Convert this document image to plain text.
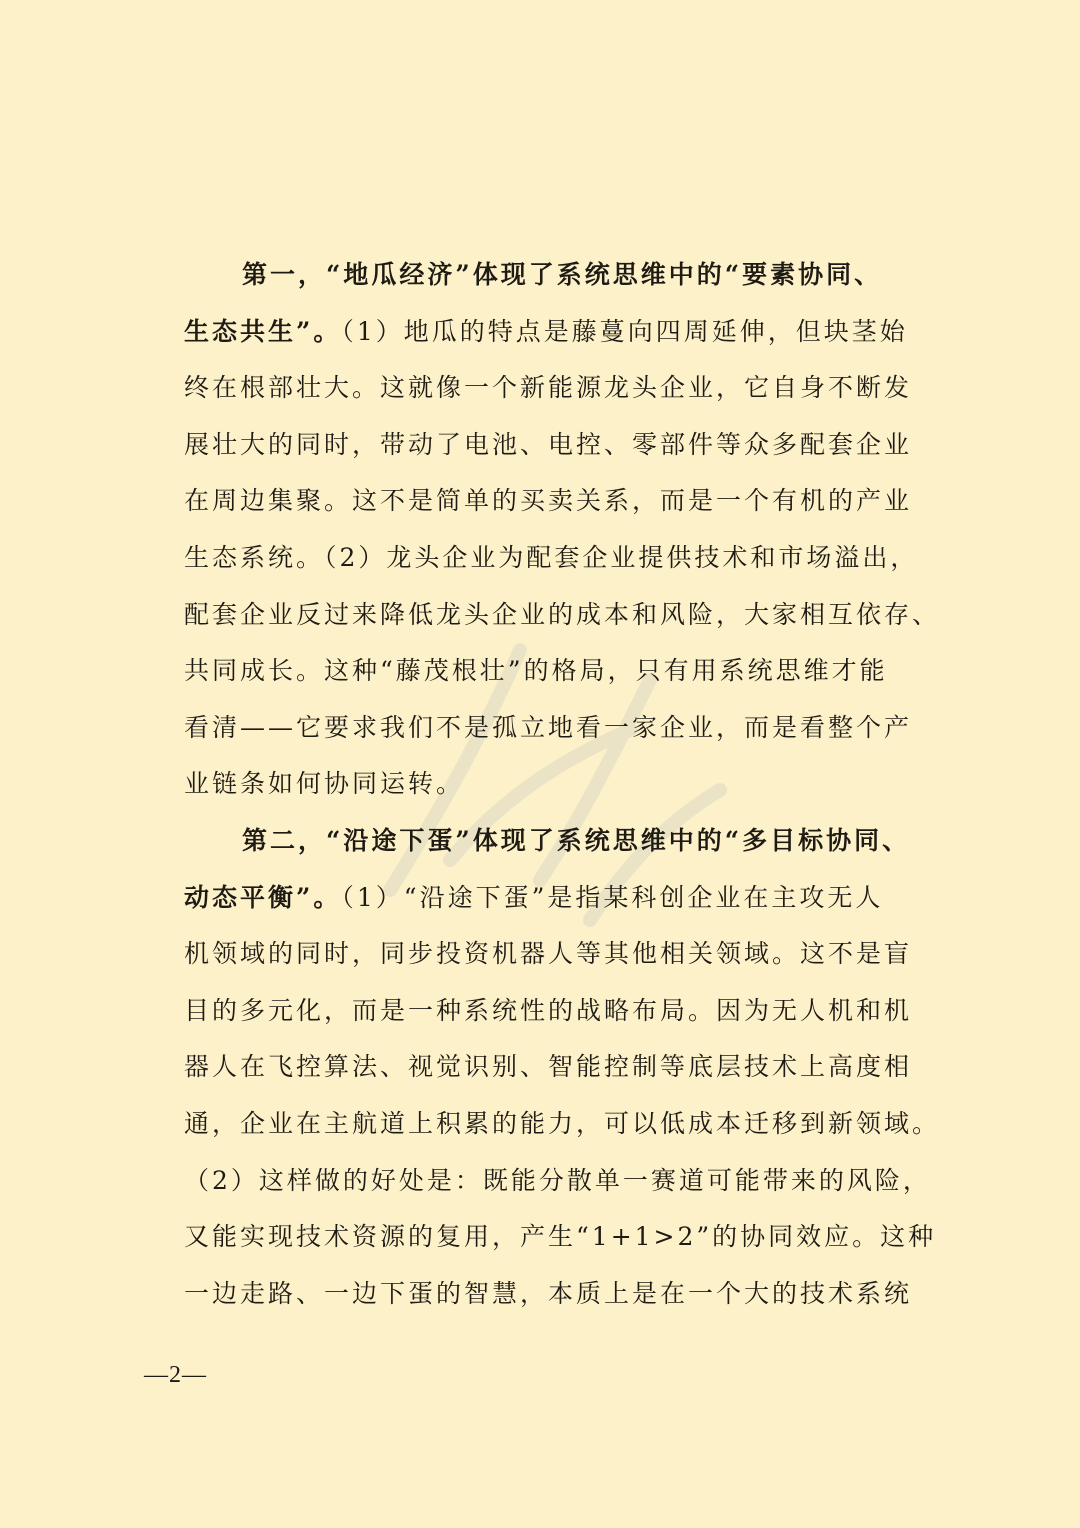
第一，“地瓜经济”体现了系统思维中的“要素协同、
生态共生”。（1）地瓜的特点是藤蔓向四周延伸，但块茎始
终在根部壮大。这就像一个新能源龙头企业，它自身不断发
展壮大的同时，带动了电池、电控、零部件等众多配套企业
在周边集聚。这不是简单的买卖关系，而是一个有机的产业
生态系统。（2）龙头企业为配套企业提供技术和市场溢出，
配套企业反过来降低龙头企业的成本和风险，大家相互依存、
共同成长。这种“藤茂根壮”的格局，只有用系统思维才能
看清——它要求我们不是孤立地看一家企业，而是看整个产
业链条如何协同运转。
第二，“沿途下蛋”体现了系统思维中的“多目标协同、
动态平衡”。（1）“沿途下蛋”是指某科创企业在主攻无人
机领域的同时，同步投资机器人等其他相关领域。这不是盲
目的多元化，而是一种系统性的战略布局。因为无人机和机
器人在飞控算法、视觉识别、智能控制等底层技术上高度相
通，企业在主航道上积累的能力，可以低成本迁移到新领域。
（2）这样做的好处是：既能分散单一赛道可能带来的风险，
又能实现技术资源的复用，产生“1+1>2”的协同效应。这种
一边走路、一边下蛋的智慧，本质上是在一个大的技术系统
—2—
